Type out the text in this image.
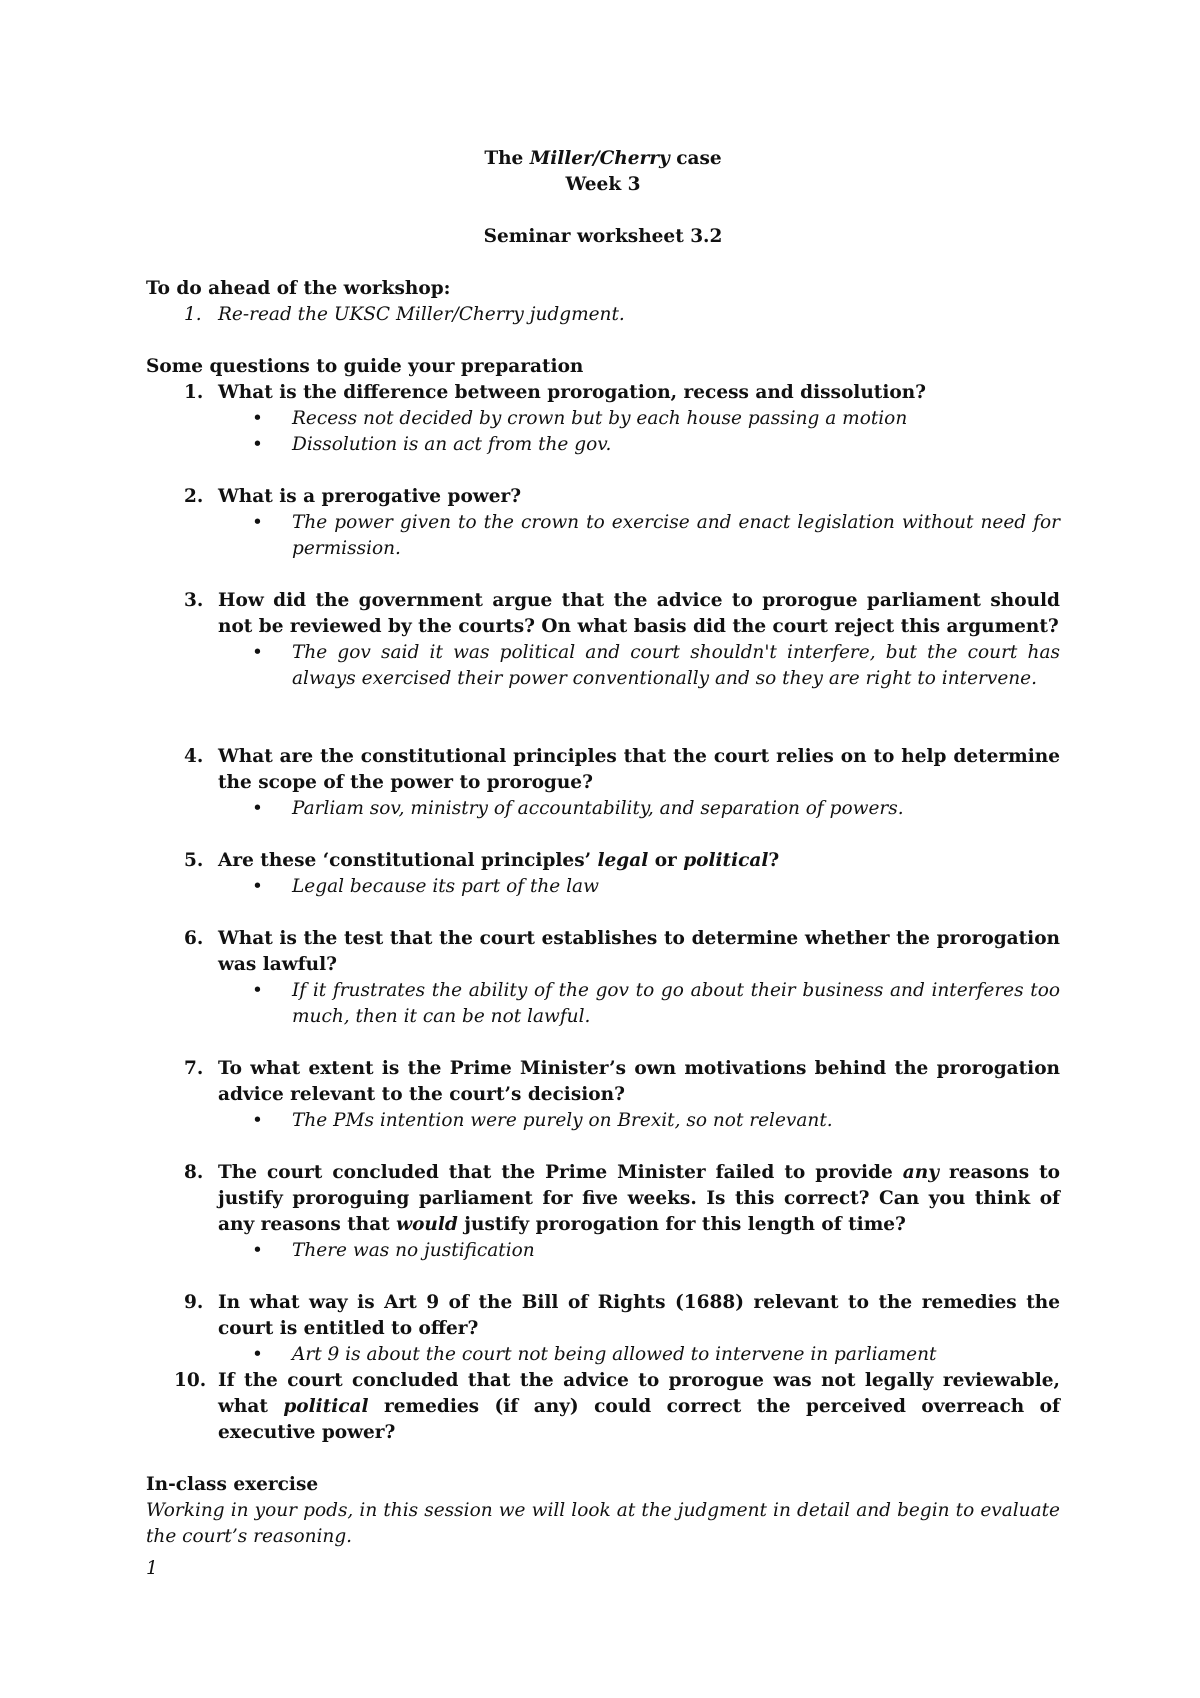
The Miller/Cherry case
Week 3
Seminar worksheet 3.2
To do ahead of the workshop:
1. Re-read the UKSC Miller/Cherry judgment.
Some questions to guide your preparation
1. What is the difference between prorogation, recess and dissolution?
• Recess not decided by crown but by each house passing a motion
• Dissolution is an act from the gov.
2. What is a prerogative power?
• The power given to the crown to exercise and enact legislation without need for permission.
3. How did the government argue that the advice to prorogue parliament should not be reviewed by the courts? On what basis did the court reject this argument?
• The gov said it was political and court shouldn't interfere, but the court has always exercised their power conventionally and so they are right to intervene.
4. What are the constitutional principles that the court relies on to help determine the scope of the power to prorogue?
• Parliam sov, ministry of accountability, and separation of powers.
5. Are these ‘constitutional principles’ legal or political?
• Legal because its part of the law
6. What is the test that the court establishes to determine whether the prorogation was lawful?
• If it frustrates the ability of the gov to go about their business and interferes too much, then it can be not lawful.
7. To what extent is the Prime Minister’s own motivations behind the prorogation advice relevant to the court’s decision?
• The PMs intention were purely on Brexit, so not relevant.
8. The court concluded that the Prime Minister failed to provide any reasons to justify proroguing parliament for five weeks. Is this correct? Can you think of any reasons that would justify prorogation for this length of time?
• There was no justification
9. In what way is Art 9 of the Bill of Rights (1688) relevant to the remedies the court is entitled to offer?
• Art 9 is about the court not being allowed to intervene in parliament
10. If the court concluded that the advice to prorogue was not legally reviewable, what political remedies (if any) could correct the perceived overreach of executive power?
In-class exercise
Working in your pods, in this session we will look at the judgment in detail and begin to evaluate the court’s reasoning.
1
